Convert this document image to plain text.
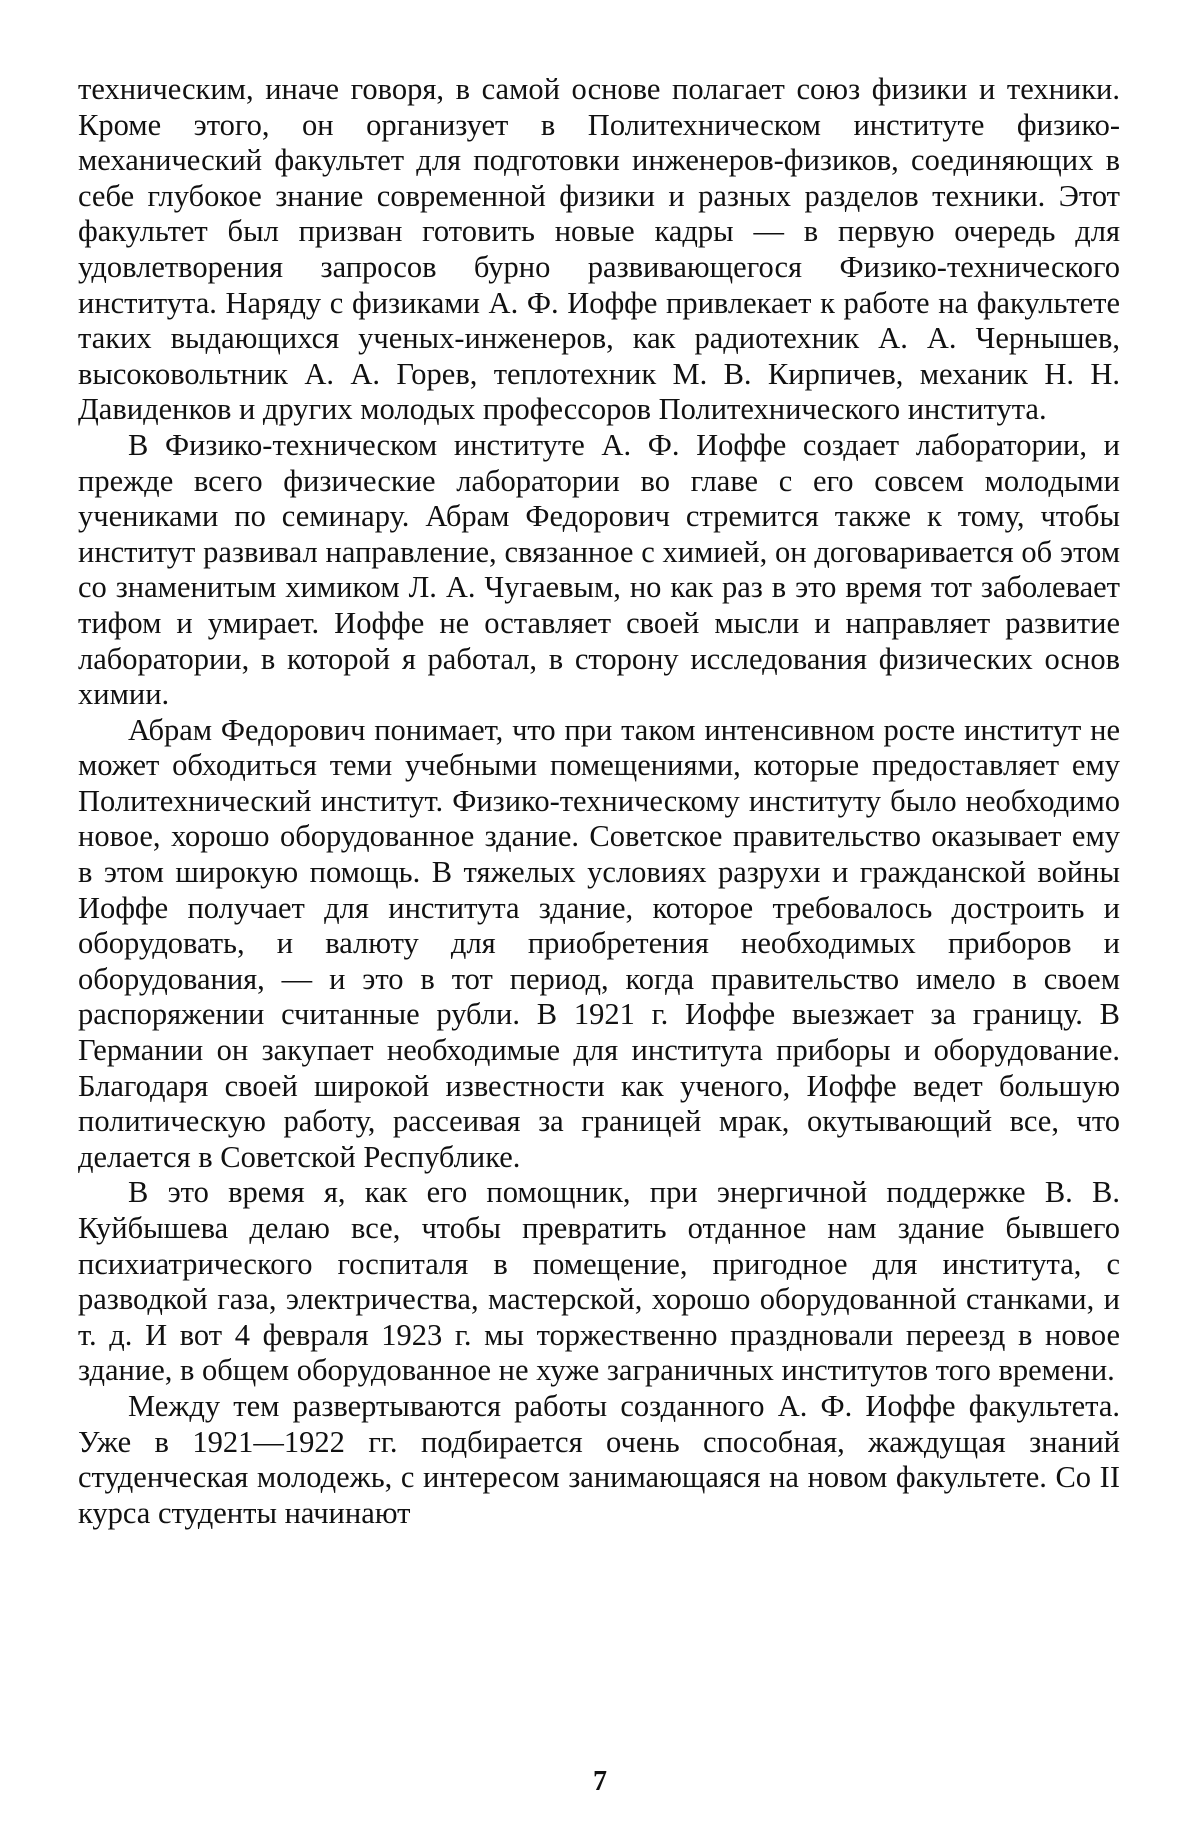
техническим, иначе говоря, в самой основе полагает союз физики и техники. Кроме этого, он организует в Политехническом институте физико-механический факультет для подготовки инженеров-физиков, соединяющих в себе глубокое знание современной физики и разных разделов техники. Этот факультет был призван готовить новые кадры — в первую очередь для удовлетворения запросов бурно развивающегося Физико-технического института. Наряду с физиками А. Ф. Иоффе привлекает к работе на факультете таких выдающихся ученых-инженеров, как радиотехник А. А. Чернышев, высоковольтник А. А. Горев, теплотехник М. В. Кирпичев, механик Н. Н. Давиденков и других молодых профессоров Политехнического института.

В Физико-техническом институте А. Ф. Иоффе создает лаборатории, и прежде всего физические лаборатории во главе с его совсем молодыми учениками по семинару. Абрам Федорович стремится также к тому, чтобы институт развивал направление, связанное с химией, он договаривается об этом со знаменитым химиком Л. А. Чугаевым, но как раз в это время тот заболевает тифом и умирает. Иоффе не оставляет своей мысли и направляет развитие лаборатории, в которой я работал, в сторону исследования физических основ химии.

Абрам Федорович понимает, что при таком интенсивном росте институт не может обходиться теми учебными помещениями, которые предоставляет ему Политехнический институт. Физико-техническому институту было необходимо новое, хорошо оборудованное здание. Советское правительство оказывает ему в этом широкую помощь. В тяжелых условиях разрухи и гражданской войны Иоффе получает для института здание, которое требовалось достроить и оборудовать, и валюту для приобретения необходимых приборов и оборудования, — и это в тот период, когда правительство имело в своем распоряжении считанные рубли. В 1921 г. Иоффе выезжает за границу. В Германии он закупает необходимые для института приборы и оборудование. Благодаря своей широкой известности как ученого, Иоффе ведет большую политическую работу, рассеивая за границей мрак, окутывающий все, что делается в Советской Республике.

В это время я, как его помощник, при энергичной поддержке В. В. Куйбышева делаю все, чтобы превратить отданное нам здание бывшего психиатрического госпиталя в помещение, пригодное для института, с разводкой газа, электричества, мастерской, хорошо оборудованной станками, и т. д. И вот 4 февраля 1923 г. мы торжественно праздновали переезд в новое здание, в общем оборудованное не хуже заграничных институтов того времени.

Между тем развертываются работы созданного А. Ф. Иоффе факультета. Уже в 1921—1922 гг. подбирается очень способная, жаждущая знаний студенческая молодежь, с интересом занимающаяся на новом факультете. Со II курса студенты начинают

7
